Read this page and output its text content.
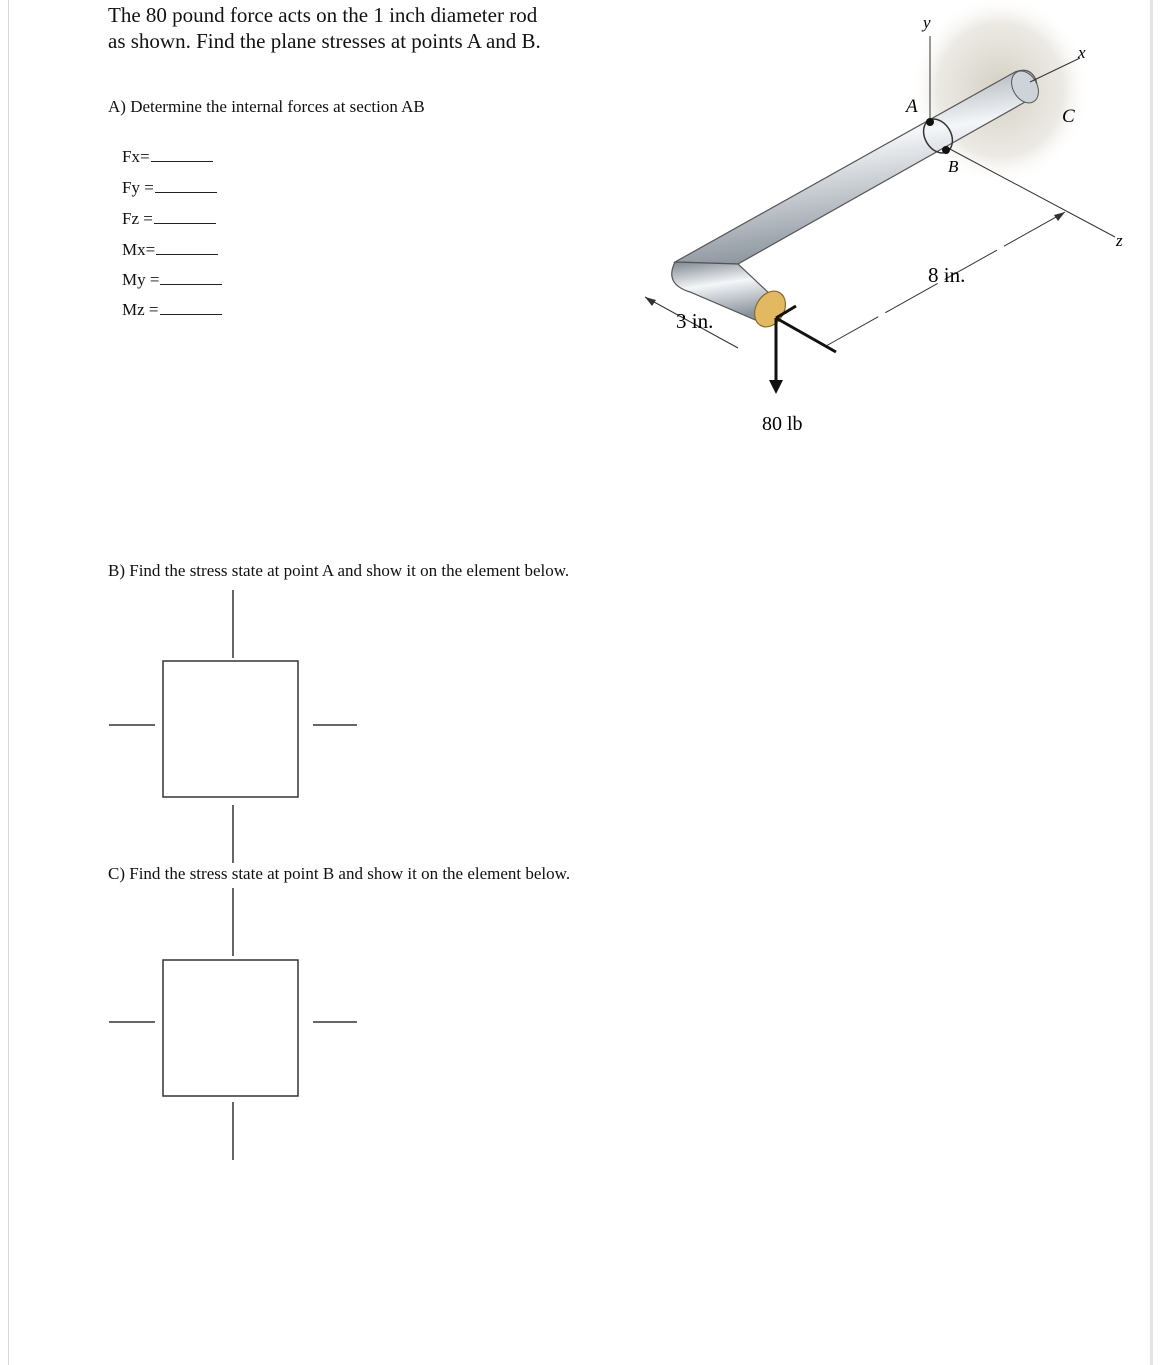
The 80 pound force acts on the 1 inch diameter rod
as shown. Find the plane stresses at points A and B.
A) Determine the internal forces at section AB
Fx=
Fy =
Fz =
Mx=
My =
Mz =
B) Find the stress state at point A and show it on the element below.
C) Find the stress state at point B and show it on the element below.
y
x
z
A
B
C
8 in.
3 in.
80 lb
